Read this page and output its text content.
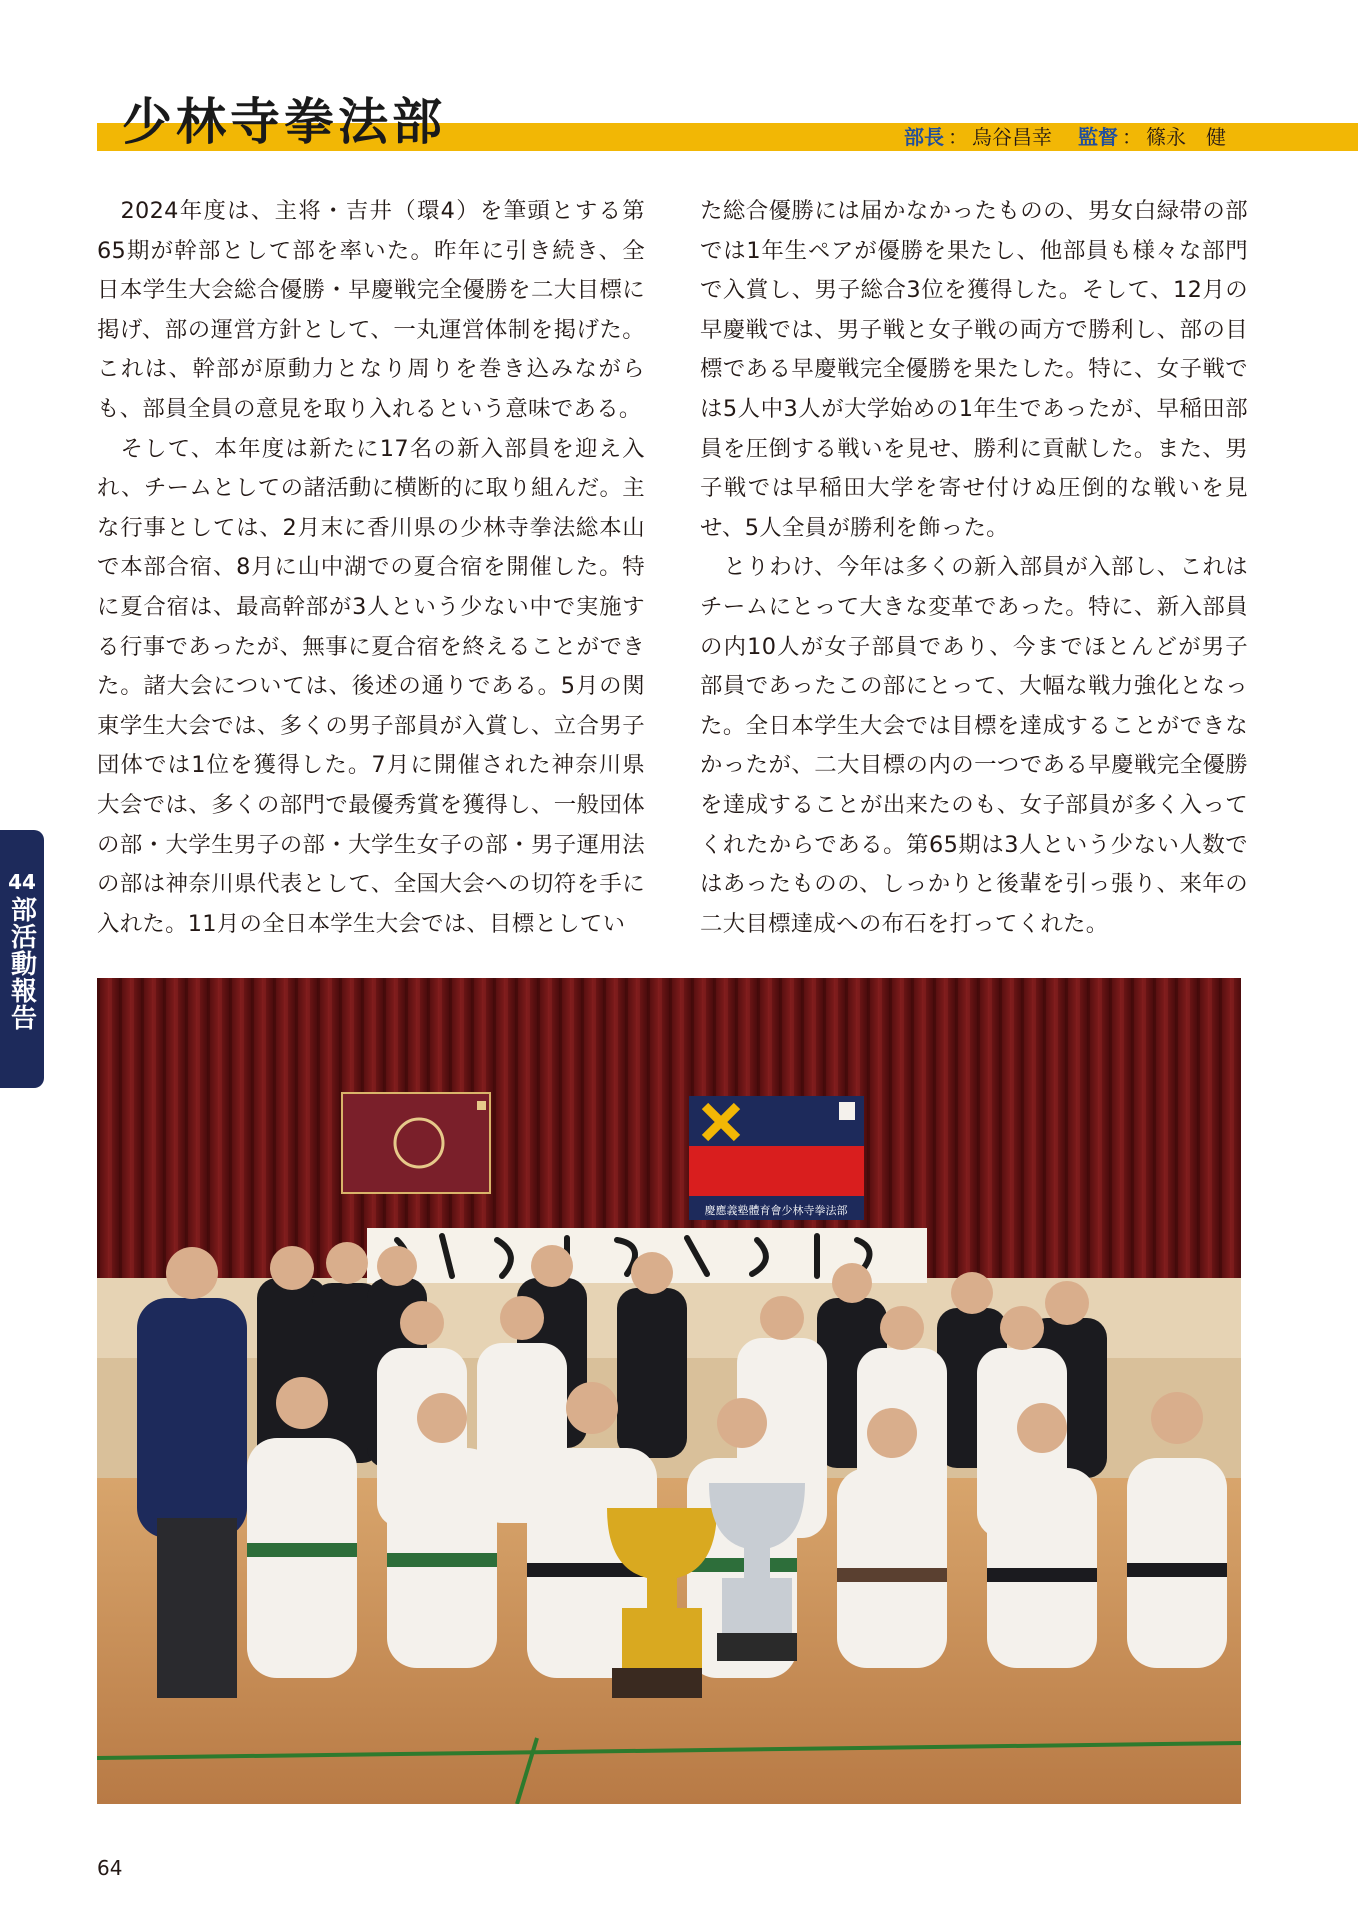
少林寺拳法部	部長 ： 烏谷昌幸 監督 ： 篠永　健

2024年度は、主将・吉井（環4）を筆頭とする第65期が幹部として部を率いた。昨年に引き続き、全日本学生大会総合優勝・早慶戦完全優勝を二大目標に掲げ、部の運営方針として、一丸運営体制を掲げた。これは、幹部が原動力となり周りを巻き込みながらも、部員全員の意見を取り入れるという意味である。

そして、本年度は新たに17名の新入部員を迎え入れ、チームとしての諸活動に横断的に取り組んだ。主な行事としては、2月末に香川県の少林寺拳法総本山で本部合宿、8月に山中湖での夏合宿を開催した。特に夏合宿は、最高幹部が3人という少ない中で実施する行事であったが、無事に夏合宿を終えることができた。諸大会については、後述の通りである。5月の関東学生大会では、多くの男子部員が入賞し、立合男子団体では1位を獲得した。7月に開催された神奈川県大会では、多くの部門で最優秀賞を獲得し、一般団体の部・大学生男子の部・大学生女子の部・男子運用法の部は神奈川県代表として、全国大会への切符を手に入れた。11月の全日本学生大会では、目標としてい

た総合優勝には届かなかったものの、男女白緑帯の部では1年生ペアが優勝を果たし、他部員も様々な部門で入賞し、男子総合3位を獲得した。そして、12月の早慶戦では、男子戦と女子戦の両方で勝利し、部の目標である早慶戦完全優勝を果たした。特に、女子戦では5人中3人が大学始めの1年生であったが、早稲田部員を圧倒する戦いを見せ、勝利に貢献した。また、男子戦では早稲田大学を寄せ付けぬ圧倒的な戦いを見せ、5人全員が勝利を飾った。

とりわけ、今年は多くの新入部員が入部し、これはチームにとって大きな変革であった。特に、新入部員の内10人が女子部員であり、今までほとんどが男子部員であったこの部にとって、大幅な戦力強化となった。全日本学生大会では目標を達成することができなかったが、二大目標の内の一つである早慶戦完全優勝を達成することが出来たのも、女子部員が多く入ってくれたからである。第65期は3人という少ない人数ではあったものの、しっかりと後輩を引っ張り、来年の二大目標達成への布石を打ってくれた。

44
部活動報告
慶應義塾體育會少林寺拳法部
64
